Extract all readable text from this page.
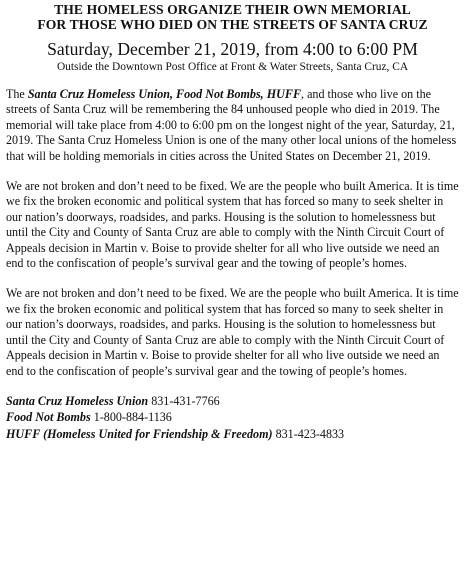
THE HOMELESS ORGANIZE THEIR OWN MEMORIAL
FOR THOSE WHO DIED ON THE STREETS OF SANTA CRUZ

Saturday, December 21, 2019, from 4:00 to 6:00 PM

Outside the Downtown Post Office at Front & Water Streets, Santa Cruz, CA

The Santa Cruz Homeless Union, Food Not Bombs, HUFF, and those who live on the streets of Santa Cruz will be remembering the 84 unhoused people who died in 2019. The memorial will take place from 4:00 to 6:00 pm on the longest night of the year, Saturday, 21, 2019. The Santa Cruz Homeless Union is one of the many other local unions of the homeless that will be holding memorials in cities across the United States on December 21, 2019.

We are not broken and don’t need to be fixed. We are the people who built America. It is time we fix the broken economic and political system that has forced so many to seek shelter in our nation’s doorways, roadsides, and parks. Housing is the solution to homelessness but until the City and County of Santa Cruz are able to comply with the Ninth Circuit Court of Appeals decision in Martin v. Boise to provide shelter for all who live outside we need an end to the confiscation of people’s survival gear and the towing of people’s homes.

We are not broken and don’t need to be fixed. We are the people who built America. It is time we fix the broken economic and political system that has forced so many to seek shelter in our nation’s doorways, roadsides, and parks. Housing is the solution to homelessness but until the City and County of Santa Cruz are able to comply with the Ninth Circuit Court of Appeals decision in Martin v. Boise to provide shelter for all who live outside we need an end to the confiscation of people’s survival gear and the towing of people’s homes.

Santa Cruz Homeless Union 831-431-7766
Food Not Bombs 1-800-884-1136
HUFF (Homeless United for Friendship & Freedom) 831-423-4833
